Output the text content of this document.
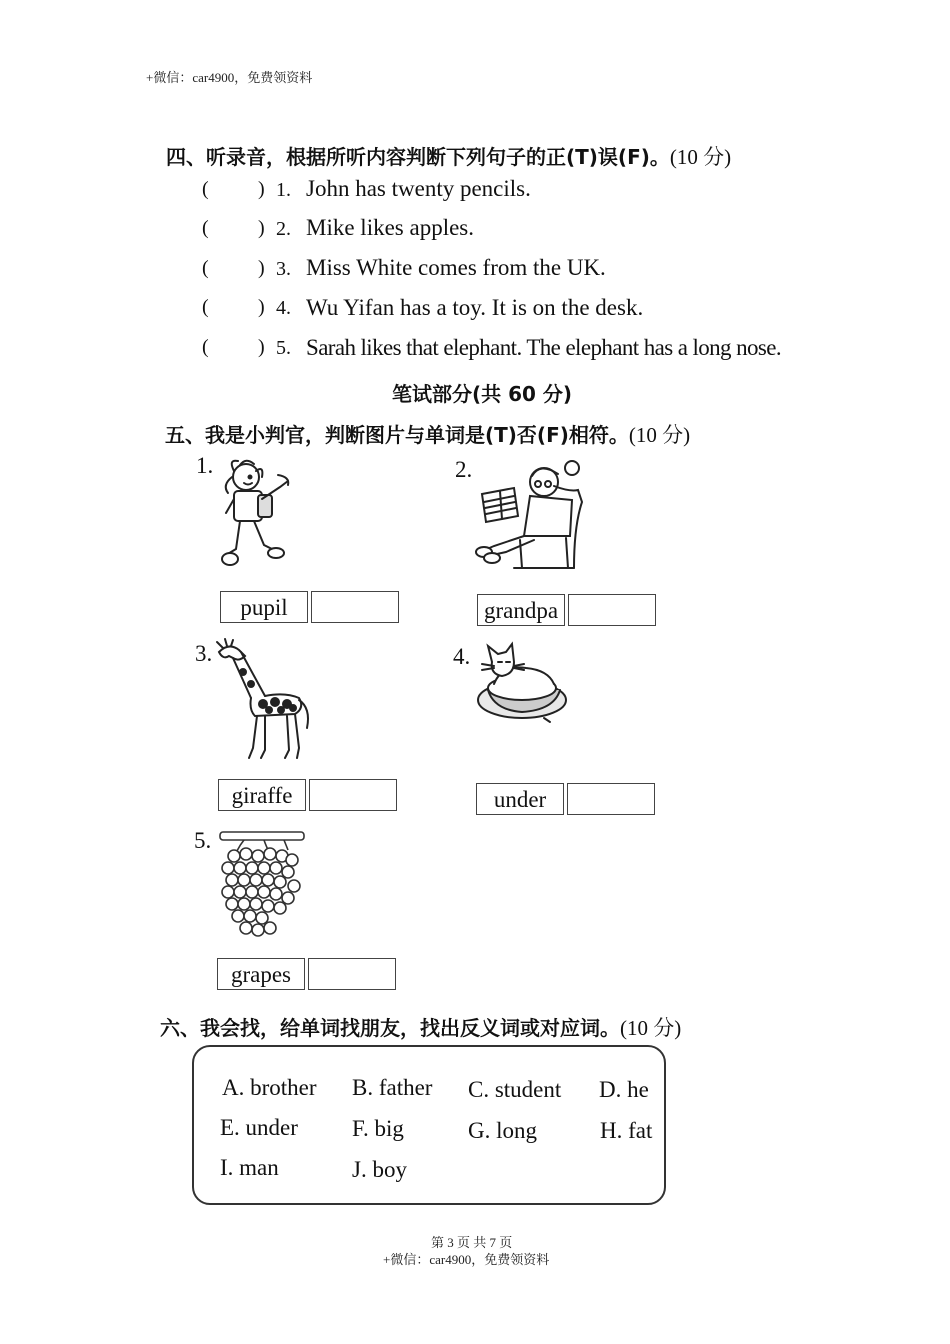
+微信：car4900，免费领资料
四、听录音，根据所听内容判断下列句子的正(T)误(F)。(10 分)
( ) 1. John has twenty pencils.
( ) 2. Mike likes apples.
( ) 3. Miss White comes from the UK.
( ) 4. Wu Yifan has a toy. It is on the desk.
( ) 5. Sarah likes that elephant. The elephant has a long nose.
笔试部分(共 60 分)
五、我是小判官，判断图片与单词是(T)否(F)相符。(10 分)
1.
pupil
2.
grandpa
3.
giraffe
4.
under
5.
grapes
六、我会找，给单词找朋友，找出反义词或对应词。(10 分)
A. brother B. father C. student D. he
E. under F. big	G. long	H. fat
I. man	J. boy
第 3 页 共 7 页
+微信：car4900，免费领资料
